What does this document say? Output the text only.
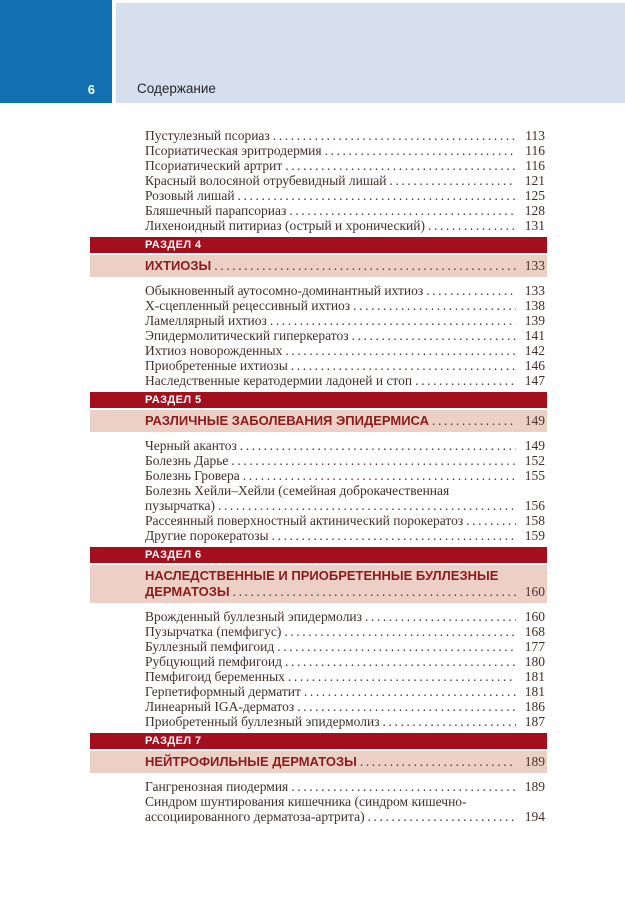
6	Содержание
Пустулезный псориаз .....	113
Псориатическая эритродермия .....	116
Псориатический артрит .....	116
Красный волосяной отрубевидный лишай .....	121
Розовый лишай .....	125
Бляшечный парапсориаз .....	128
Лихеноидный питириаз (острый и хронический) .....	131
РАЗДЕЛ 4
ИХТИОЗЫ .....	133
Обыкновенный аутосомно-доминантный ихтиоз .....	133
Х-сцепленный рецессивный ихтиоз .....	138
Ламеллярный ихтиоз .....	139
Эпидермолитический гиперкератоз .....	141
Ихтиоз новорожденных .....	142
Приобретенные ихтиозы .....	146
Наследственные кератодермии ладоней и стоп .....	147
РАЗДЕЛ 5
РАЗЛИЧНЫЕ ЗАБОЛЕВАНИЯ ЭПИДЕРМИСА .....	149
Черный акантоз .....	149
Болезнь Дарье .....	152
Болезнь Гровера .....	155
Болезнь Хейли–Хейли (семейная доброкачественная
пузырчатка) .....	156
Рассеянный поверхностный актинический порокератоз .....	158
Другие порокератозы .....	159
РАЗДЕЛ 6
НАСЛЕДСТВЕННЫЕ И ПРИОБРЕТЕННЫЕ БУЛЛЕЗНЫЕ
ДЕРМАТОЗЫ .....	160
Врожденный буллезный эпидермолиз .....	160
Пузырчатка (пемфигус) .....	168
Буллезный пемфигоид .....	177
Рубцующий пемфигоид .....	180
Пемфигоид беременных .....	181
Герпетиформный дерматит .....	181
Линеарный IGA-дерматоз .....	186
Приобретенный буллезный эпидермолиз .....	187
РАЗДЕЛ 7
НЕЙТРОФИЛЬНЫЕ ДЕРМАТОЗЫ .....	189
Гангренозная пиодермия .....	189
Синдром шунтирования кишечника (синдром кишечно-
ассоциированного дерматоза-артрита) .....	194
